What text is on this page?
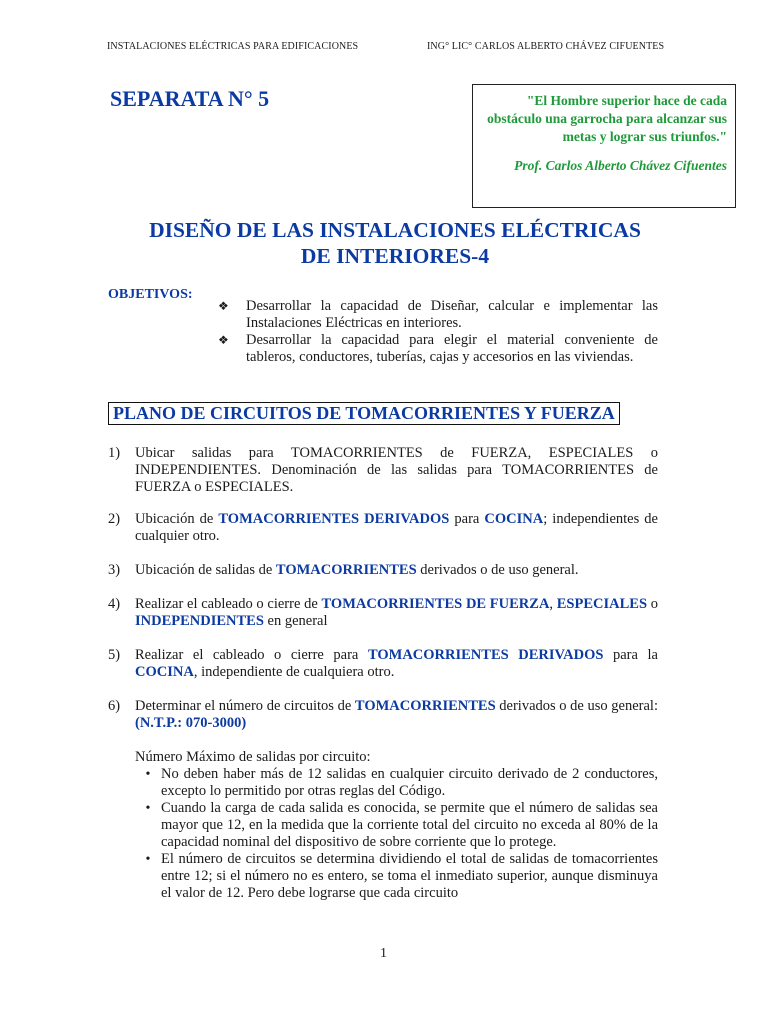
INSTALACIONES ELÉCTRICAS PARA EDIFICACIONES	ING° LIC° CARLOS ALBERTO CHÁVEZ CIFUENTES
SEPARATA N° 5	"El Hombre superior hace de cada obstáculo una garrocha para alcanzar sus metas y lograr sus triunfos."
Prof. Carlos Alberto Chávez Cifuentes
DISEÑO DE LAS INSTALACIONES ELÉCTRICAS
DE INTERIORES-4
OBJETIVOS:
❖	Desarrollar la capacidad de Diseñar, calcular e implementar las Instalaciones Eléctricas en interiores.
❖	Desarrollar la capacidad para elegir el material conveniente de tableros, conductores, tuberías, cajas y accesorios en las viviendas.
PLANO DE CIRCUITOS DE TOMACORRIENTES Y FUERZA
1)	Ubicar salidas para TOMACORRIENTES de FUERZA, ESPECIALES o INDEPENDIENTES. Denominación de las salidas para TOMACORRIENTES de FUERZA o ESPECIALES.
2)	Ubicación de TOMACORRIENTES DERIVADOS para COCINA; independientes de cualquier otro.
3)	Ubicación de salidas de TOMACORRIENTES derivados o de uso general.
4)	Realizar el cableado o cierre de TOMACORRIENTES DE FUERZA, ESPECIALES o INDEPENDIENTES en general
5)	Realizar el cableado o cierre para TOMACORRIENTES DERIVADOS para la COCINA, independiente de cualquiera otro.
6)	Determinar el número de circuitos de TOMACORRIENTES derivados o de uso general: (N.T.P.: 070-3000)
Número Máximo de salidas por circuito:
• No deben haber más de 12 salidas en cualquier circuito derivado de 2 conductores, excepto lo permitido por otras reglas del Código.
• Cuando la carga de cada salida es conocida, se permite que el número de salidas sea mayor que 12, en la medida que la corriente total del circuito no exceda al 80% de la capacidad nominal del dispositivo de sobre corriente que lo protege.
• El número de circuitos se determina dividiendo el total de salidas de tomacorrientes entre 12; si el número no es entero, se toma el inmediato superior, aunque disminuya el valor de 12. Pero debe lograrse que cada circuito
1
